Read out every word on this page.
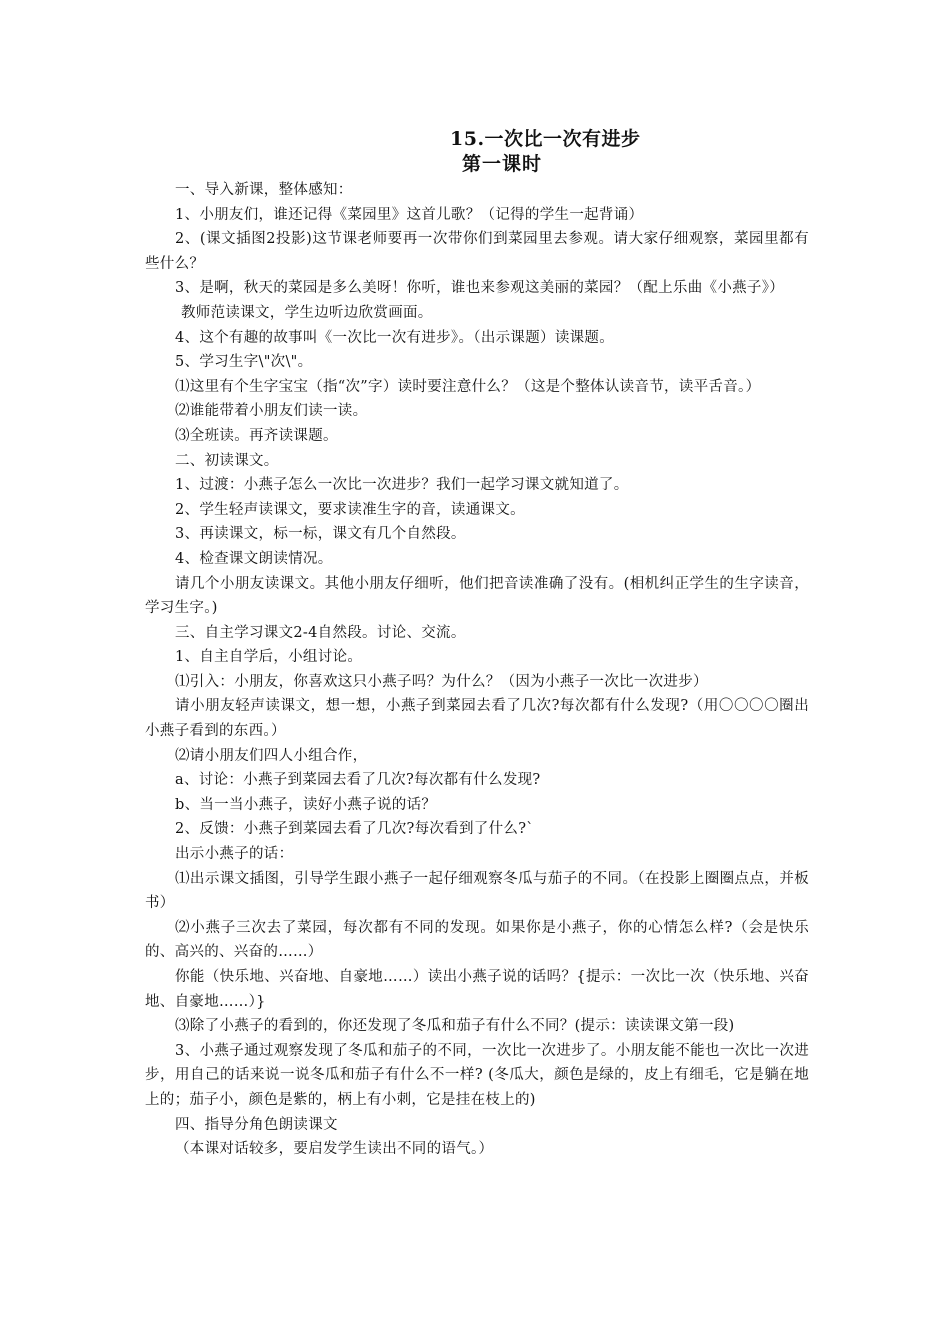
15.一次比一次有进步
第一课时

一、导入新课，整体感知：

1、小朋友们，谁还记得《菜园里》这首儿歌？（记得的学生一起背诵）

2、(课文插图2投影)这节课老师要再一次带你们到菜园里去参观。请大家仔细观察，菜园里都有些什么？

3、是啊，秋天的菜园是多么美呀！你听，谁也来参观这美丽的菜园？（配上乐曲《小燕子》）

教师范读课文，学生边听边欣赏画面。

4、这个有趣的故事叫《一次比一次有进步》。（出示课题）读课题。

5、学习生字\"次\"。

⑴这里有个生字宝宝（指“次”字）读时要注意什么？（这是个整体认读音节，读平舌音。）

⑵谁能带着小朋友们读一读。

⑶全班读。再齐读课题。

二、初读课文。

1、过渡：小燕子怎么一次比一次进步？我们一起学习课文就知道了。

2、学生轻声读课文，要求读准生字的音，读通课文。

3、再读课文，标一标，课文有几个自然段。

4、检查课文朗读情况。

请几个小朋友读课文。其他小朋友仔细听，他们把音读准确了没有。(相机纠正学生的生字读音，学习生字。)

三、自主学习课文2-4自然段。讨论、交流。

1、自主自学后，小组讨论。

⑴引入：小朋友，你喜欢这只小燕子吗？为什么？（因为小燕子一次比一次进步）

请小朋友轻声读课文，想一想，小燕子到菜园去看了几次?每次都有什么发现?（用〇〇〇〇圈出小燕子看到的东西。）

⑵请小朋友们四人小组合作，

a、讨论：小燕子到菜园去看了几次?每次都有什么发现?

b、当一当小燕子，读好小燕子说的话？

2、反馈：小燕子到菜园去看了几次?每次看到了什么?`

出示小燕子的话：

⑴出示课文插图，引导学生跟小燕子一起仔细观察冬瓜与茄子的不同。（在投影上圈圈点点，并板书）

⑵小燕子三次去了菜园，每次都有不同的发现。如果你是小燕子，你的心情怎么样?（会是快乐的、高兴的、兴奋的……）

你能（快乐地、兴奋地、自豪地……）读出小燕子说的话吗？{提示：一次比一次（快乐地、兴奋地、自豪地……）}

⑶除了小燕子的看到的，你还发现了冬瓜和茄子有什么不同？(提示：读读课文第一段)

3、小燕子通过观察发现了冬瓜和茄子的不同，一次比一次进步了。小朋友能不能也一次比一次进步，用自己的话来说一说冬瓜和茄子有什么不一样? (冬瓜大，颜色是绿的，皮上有细毛，它是躺在地上的；茄子小，颜色是紫的，柄上有小刺，它是挂在枝上的)

四、指导分角色朗读课文

（本课对话较多，要启发学生读出不同的语气。）
